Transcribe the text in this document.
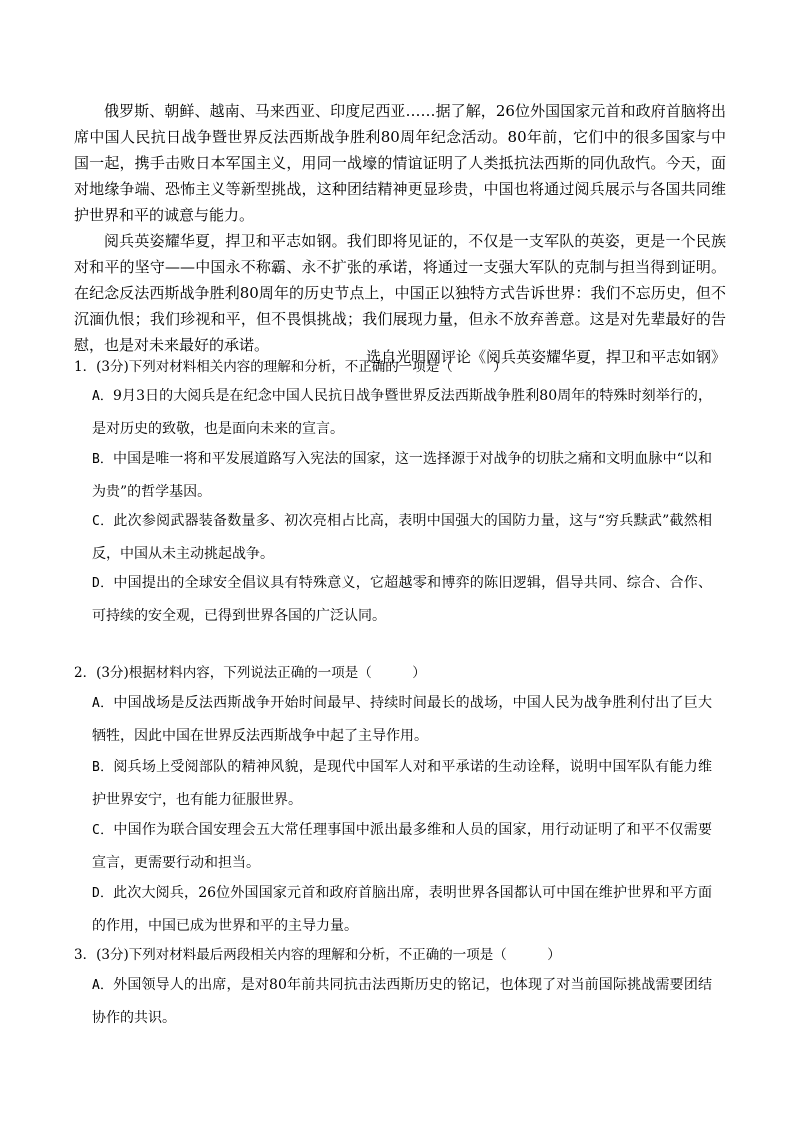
俄罗斯、朝鲜、越南、马来西亚、印度尼西亚……据了解，26位外国国家元首和政府首脑将出席中国人民抗日战争暨世界反法西斯战争胜利80周年纪念活动。80年前，它们中的很多国家与中国一起，携手击败日本军国主义，用同一战壕的情谊证明了人类抵抗法西斯的同仇敌忾。今天，面对地缘争端、恐怖主义等新型挑战，这种团结精神更显珍贵，中国也将通过阅兵展示与各国共同维护世界和平的诚意与能力。

阅兵英姿耀华夏，捍卫和平志如钢。我们即将见证的，不仅是一支军队的英姿，更是一个民族对和平的坚守——中国永不称霸、永不扩张的承诺，将通过一支强大军队的克制与担当得到证明。在纪念反法西斯战争胜利80周年的历史节点上，中国正以独特方式告诉世界：我们不忘历史，但不沉湎仇恨；我们珍视和平，但不畏惧挑战；我们展现力量，但永不放弃善意。这是对先辈最好的告慰，也是对未来最好的承诺。

选自光明网评论《阅兵英姿耀华夏，捍卫和平志如钢》
1．(3分)下列对材料相关内容的理解和分析，不正确的一项是（　　　）

A．9月3日的大阅兵是在纪念中国人民抗日战争暨世界反法西斯战争胜利80周年的特殊时刻举行的，是对历史的致敬，也是面向未来的宣言。

B．中国是唯一将和平发展道路写入宪法的国家，这一选择源于对战争的切肤之痛和文明血脉中“以和为贵”的哲学基因。

C．此次参阅武器装备数量多、初次亮相占比高，表明中国强大的国防力量，这与“穷兵黩武”截然相反，中国从未主动挑起战争。

D．中国提出的全球安全倡议具有特殊意义，它超越零和博弈的陈旧逻辑，倡导共同、综合、合作、可持续的安全观，已得到世界各国的广泛认同。

2．(3分)根据材料内容，下列说法正确的一项是（　　　）

A．中国战场是反法西斯战争开始时间最早、持续时间最长的战场，中国人民为战争胜利付出了巨大牺牲，因此中国在世界反法西斯战争中起了主导作用。

B．阅兵场上受阅部队的精神风貌，是现代中国军人对和平承诺的生动诠释，说明中国军队有能力维护世界安宁，也有能力征服世界。

C．中国作为联合国安理会五大常任理事国中派出最多维和人员的国家，用行动证明了和平不仅需要宣言，更需要行动和担当。

D．此次大阅兵，26位外国国家元首和政府首脑出席，表明世界各国都认可中国在维护世界和平方面的作用，中国已成为世界和平的主导力量。

3．(3分)下列对材料最后两段相关内容的理解和分析，不正确的一项是（　　　）

A．外国领导人的出席，是对80年前共同抗击法西斯历史的铭记，也体现了对当前国际挑战需要团结协作的共识。
